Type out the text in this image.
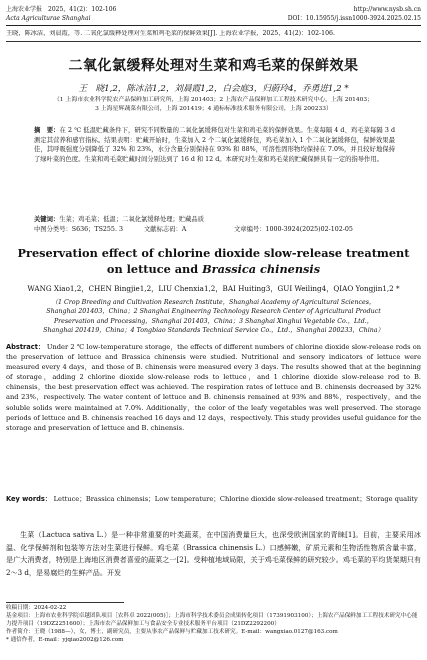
上海农业学报　2025，41(2)：102-106
Acta Agriculturae Shanghai
http://www.nysb.sh.cn
DOI：10.15955/j.issn1000-3924.2025.02.15
王晓，陈冰洁，刘晨霞，等. 二氧化氯缓释处理对生菜和鸡毛菜的保鲜效果[J]. 上海农业学报，2025，41(2)：102-106.
二氧化氯缓释处理对生菜和鸡毛菜的保鲜效果
王　晓1,2，陈冰洁1,2，刘晨霞1,2，白会庭3，归蔚玲4，乔勇进1,2 *
（1 上海市农业科学院农产品保鲜加工研究所，上海 201403；2 上海农产品保鲜加工工程技术研究中心，上海 201403；
3 上海星辉蔬菜有限公司，上海 201419；4 通标标准技术服务有限公司，上海 200233）
摘　要：在 2 ℃ 低温贮藏条件下，研究不同数量的二氧化氯缓释包对生菜和鸡毛菜的保鲜效果。生菜每隔 4 d、鸡毛菜每隔 3 d 测定其营养和感官指标。结果表明：贮藏开始时，生菜加入 2 个二氧化氯缓释包，鸡毛菜加入 1 个二氧化氯缓释包，保鲜效果最佳，其呼吸强度分别降低了 32% 和 23%，水分含量分别保持在 93% 和 88%，可溶性固形物均保持在 7.0%，并且较好地保持了绿叶菜的色度。生菜和鸡毛菜贮藏时间分别达到了 16 d 和 12 d。本研究对生菜和鸡毛菜的贮藏保鲜具有一定的指导作用。
关键词：生菜；鸡毛菜；低温；二氧化氯缓释处理；贮藏品质
中图分类号：S636；TS255. 3	文献标志码：A	文章编号：1000-3924(2025)02-102-05
Preservation effect of chlorine dioxide slow-release treatment
on lettuce and Brassica chinensis
WANG Xiao1,2，CHEN Bingjie1,2，LIU Chenxia1,2，BAI Huiting3，GUI Weiling4，QIAO Yongjin1,2 *
（1 Crop Breeding and Cultivation Research Institute，Shanghai Academy of Agricultural Sciences，Shanghai 201403，China；2 Shanghai Engineering Technology Research Center of Agricultural Product Preservation and Processing，Shanghai 201403，China；3 Shanghai Xinghui Vegetable Co.，Ltd.，Shanghai 201419，China；4 Tongbiao Standards Technical Service Co.，Ltd.，Shanghai 200233，China）
Abstract： Under 2 ℃ low-temperature storage，the effects of different numbers of chlorine dioxide slow-release rods on the preservation of lettuce and Brassica chinensis were studied. Nutritional and sensory indicators of lettuce were measured every 4 days，and those of B. chinensis were measured every 3 days. The results showed that at the beginning of storage，adding 2 chlorine dioxide slow-release rods to lettuce，and 1 chlorine dioxide slow-release rod to B. chinensis，the best preservation effect was achieved. The respiration rates of lettuce and B. chinensis decreased by 32% and 23%，respectively. The water content of lettuce and B. chinensis remained at 93% and 88%，respectively，and the soluble solids were maintained at 7.0%. Additionally，the color of the leafy vegetables was well preserved. The storage periods of lettuce and B. chinensis reached 16 days and 12 days，respectively. This study provides useful guidance for the storage and preservation of lettuce and B. chinensis.
Key words： Lettuce；Brassica chinensis；Low temperature；Chlorine dioxide slow-released treatment；Storage quality
生菜（Lactuca sativa L.）是一种非常重要的叶类蔬菜，在中国消费量巨大，也深受欧洲国家的青睐[1]。目前，主要采用冰温、化学保鲜剂和包装等方法对生菜进行保鲜。鸡毛菜（Brassica chinensis L.）口感鲜嫩，矿质元素和生物活性物质含量丰富，是广大消费者，特别是上海地区消费者喜爱的蔬菜之一[2]。受种植地域局限，关于鸡毛菜保鲜的研究较少。鸡毛菜的平均货架期只有 2～3 d，是易腐烂的生鲜产品。开发
收稿日期：2024-02-22
基金项目：上海市农业科学院卓越团队项目［农科卓 2022(005)］；上海市科学技术委员会成果转化项目（17391903100）；上海农产品保鲜加工工程技术研究中心能力提升项目（19DZ2251600）；上海市农产品保鲜加工与食品安全专业技术服务平台项目（21DZ2292200）
作者简介：王晓（1988—），女，博士，副研究员，主要从事农产品保鲜与贮藏加工技术研究。E-mail：wangxiao.0127@163.com
* 通信作者，E-mail：yjqiao2002@126.com
